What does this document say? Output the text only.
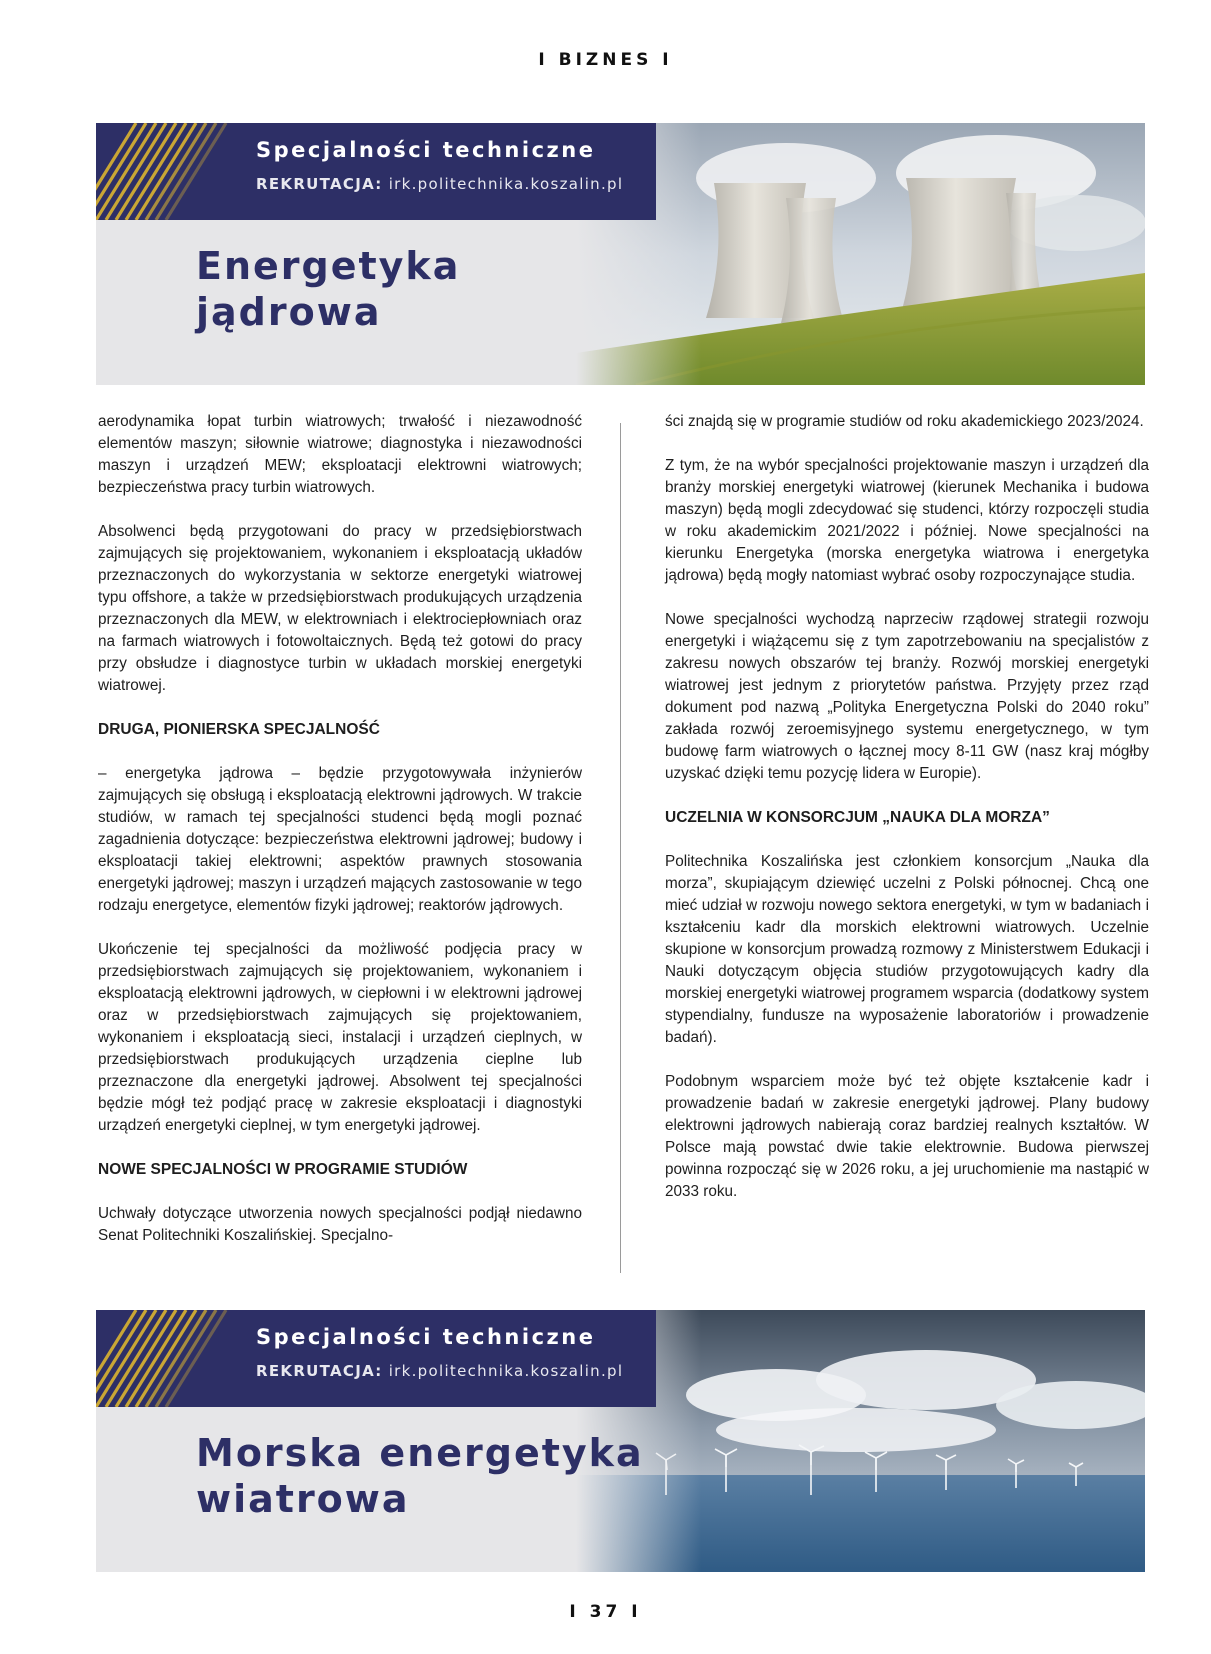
I BIZNES I
Specjalności techniczne
REKRUTACJA: irk.politechnika.koszalin.pl
Energetyka
jądrowa

aerodynamika łopat turbin wiatrowych; trwałość i niezawodność elementów maszyn; siłownie wiatrowe; diagnostyka i niezawodności maszyn i urządzeń MEW; eksploatacji elektrowni wiatrowych; bezpieczeństwa pracy turbin wiatrowych.

Absolwenci będą przygotowani do pracy w przedsiębiorstwach zajmujących się projektowaniem, wykonaniem i eksploatacją układów przeznaczonych do wykorzystania w sektorze energetyki wiatrowej typu offshore, a także w przedsiębiorstwach produkujących urządzenia przeznaczonych dla MEW, w elektrowniach i elektrociepłowniach oraz na farmach wiatrowych i fotowoltaicznych. Będą też gotowi do pracy przy obsłudze i diagnostyce turbin w układach morskiej energetyki wiatrowej.

DRUGA, PIONIERSKA SPECJALNOŚĆ

– energetyka jądrowa – będzie przygotowywała inżynierów zajmujących się obsługą i eksploatacją elektrowni jądrowych. W trakcie studiów, w ramach tej specjalności studenci będą mogli poznać zagadnienia dotyczące: bezpieczeństwa elektrowni jądrowej; budowy i eksploatacji takiej elektrowni; aspektów prawnych stosowania energetyki jądrowej; maszyn i urządzeń mających zastosowanie w tego rodzaju energetyce, elementów fizyki jądrowej; reaktorów jądrowych.

Ukończenie tej specjalności da możliwość podjęcia pracy w przedsiębiorstwach zajmujących się projektowaniem, wykonaniem i eksploatacją elektrowni jądrowych, w ciepłowni i w elektrowni jądrowej oraz w przedsiębiorstwach zajmujących się projektowaniem, wykonaniem i eksploatacją sieci, instalacji i urządzeń cieplnych, w przedsiębiorstwach produkujących urządzenia cieplne lub przeznaczone dla energetyki jądrowej. Absolwent tej specjalności będzie mógł też podjąć pracę w zakresie eksploatacji i diagnostyki urządzeń energetyki cieplnej, w tym energetyki jądrowej.

NOWE SPECJALNOŚCI W PROGRAMIE STUDIÓW

Uchwały dotyczące utworzenia nowych specjalności podjął niedawno Senat Politechniki Koszalińskiej. Specjalno-

ści znajdą się w programie studiów od roku akademickiego 2023/2024.

Z tym, że na wybór specjalności projektowanie maszyn i urządzeń dla branży morskiej energetyki wiatrowej (kierunek Mechanika i budowa maszyn) będą mogli zdecydować się studenci, którzy rozpoczęli studia w roku akademickim 2021/2022 i później. Nowe specjalności na kierunku Energetyka (morska energetyka wiatrowa i energetyka jądrowa) będą mogły natomiast wybrać osoby rozpoczynające studia.

Nowe specjalności wychodzą naprzeciw rządowej strategii rozwoju energetyki i wiążącemu się z tym zapotrzebowaniu na specjalistów z zakresu nowych obszarów tej branży. Rozwój morskiej energetyki wiatrowej jest jednym z priorytetów państwa. Przyjęty przez rząd dokument pod nazwą „Polityka Energetyczna Polski do 2040 roku” zakłada rozwój zeroemisyjnego systemu energetycznego, w tym budowę farm wiatrowych o łącznej mocy 8-11 GW (nasz kraj mógłby uzyskać dzięki temu pozycję lidera w Europie).

UCZELNIA W KONSORCJUM „NAUKA DLA MORZA”

Politechnika Koszalińska jest członkiem konsorcjum „Nauka dla morza”, skupiającym dziewięć uczelni z Polski północnej. Chcą one mieć udział w rozwoju nowego sektora energetyki, w tym w badaniach i kształceniu kadr dla morskich elektrowni wiatrowych. Uczelnie skupione w konsorcjum prowadzą rozmowy z Ministerstwem Edukacji i Nauki dotyczącym objęcia studiów przygotowujących kadry dla morskiej energetyki wiatrowej programem wsparcia (dodatkowy system stypendialny, fundusze na wyposażenie laboratoriów i prowadzenie badań).

Podobnym wsparciem może być też objęte kształcenie kadr i prowadzenie badań w zakresie energetyki jądrowej. Plany budowy elektrowni jądrowych nabierają coraz bardziej realnych kształtów. W Polsce mają powstać dwie takie elektrownie. Budowa pierwszej powinna rozpocząć się w 2026 roku, a jej uruchomienie ma nastąpić w 2033 roku.

Specjalności techniczne
REKRUTACJA: irk.politechnika.koszalin.pl
Morska energetyka
wiatrowa
I 37 I
